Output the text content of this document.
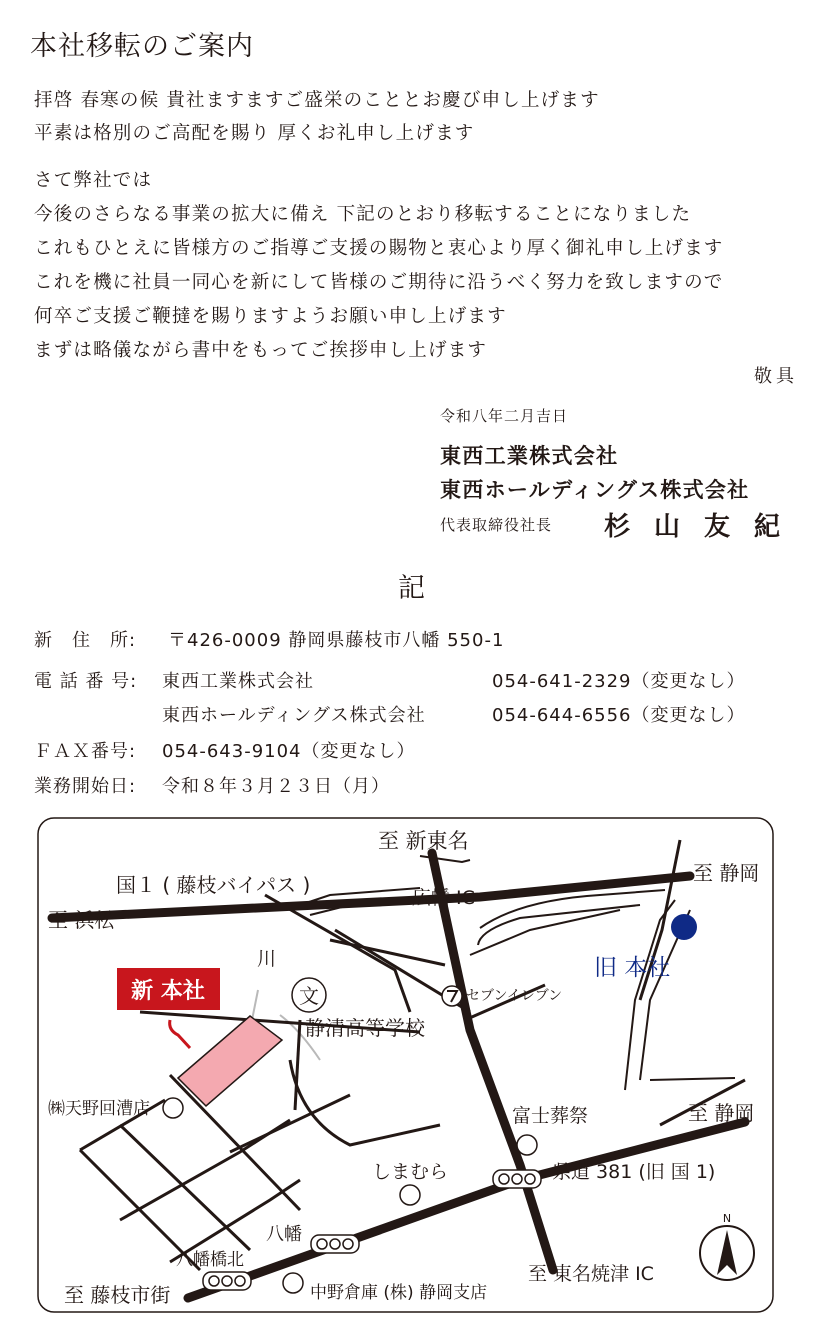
本社移転のご案内
拝啓 春寒の候 貴社ますますご盛栄のこととお慶び申し上げます
平素は格別のご高配を賜り 厚くお礼申し上げます
さて弊社では
今後のさらなる事業の拡大に備え 下記のとおり移転することになりました
これもひとえに皆様方のご指導ご支援の賜物と衷心より厚く御礼申し上げます
これを機に社員一同心を新にして皆様のご期待に沿うべく努力を致しますので
何卒ご支援ご鞭撻を賜りますようお願い申し上げます
まずは略儀ながら書中をもってご挨拶申し上げます
敬具
令和八年二月吉日
東西工業株式会社
東西ホールディングス株式会社
代表取締役社長 杉山友紀
記
新　住　所: 〒426-0009 静岡県藤枝市八幡 550-1
電 話 番 号: 東西工業株式会社	054-641-2329（変更なし）
東西ホールディングス株式会社	054-644-6556（変更なし）
ＦＡＸ番号: 054-643-9104（変更なし）
業務開始日: 令和８年３月２３日（月）
新 本社
旧 本社
文
N
至 新東名
国１ ( 藤枝バイパス )
広幡 IC
至 静岡
至 浜松
川
静清高等学校
セブンイレブン
㈱天野回漕店	富士葬祭	至 静岡
県道 381 (旧 国 1)
しまむら
八幡
八幡橋北
至 東名焼津 IC
至 藤枝市街	中野倉庫 (株) 静岡支店
